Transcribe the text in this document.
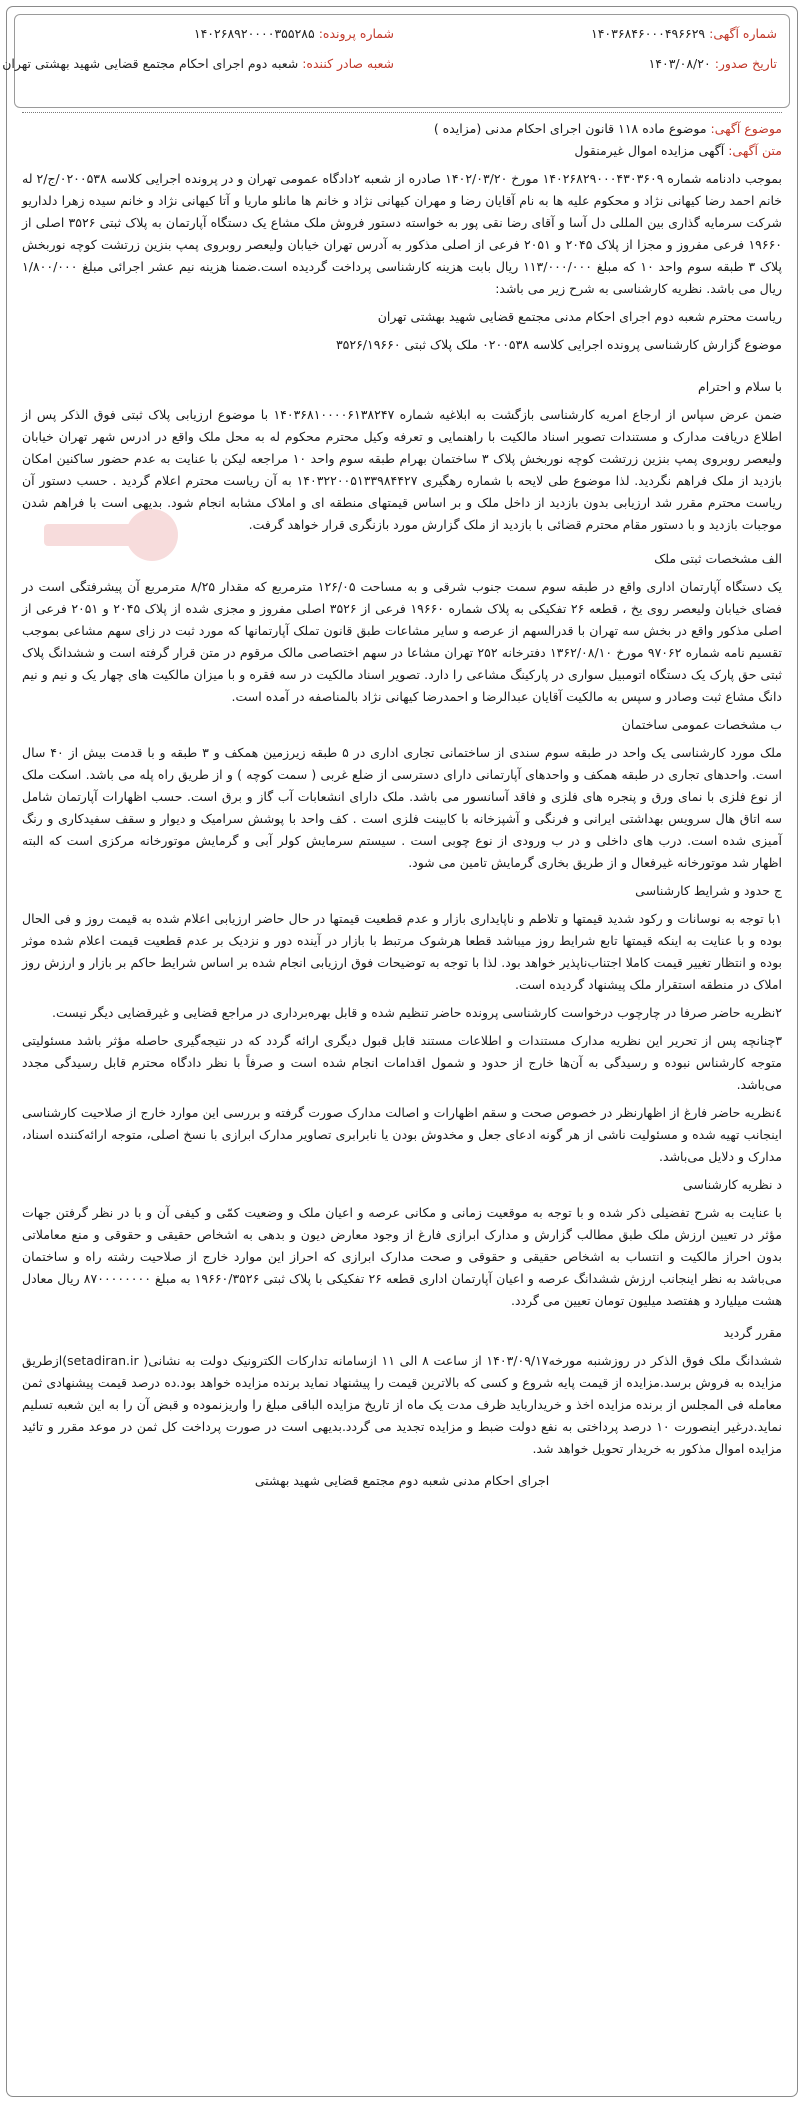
شماره آگهی: ۱۴۰۳۶۸۴۶۰۰۰۴۹۶۶۲۹
تاریخ صدور: ۱۴۰۳/۰۸/۲۰
شماره پرونده: ۱۴۰۲۶۸۹۲۰۰۰۰۳۵۵۲۸۵
شعبه صادر کننده: شعبه دوم اجرای احکام مجتمع قضایی شهید بهشتی تهران

موضوع آگهی: موضوع ماده ۱۱۸ قانون اجرای احکام مدنی (مزایده )

متن آگهی: آگهی مزایده اموال غیرمنقول

بموجب دادنامه شماره ۱۴۰۲۶۸۲۹۰۰۰۴۳۰۳۶۰۹ مورخ ۱۴۰۲/۰۳/۲۰ صادره از شعبه ۲دادگاه عمومی تهران و در پرونده اجرایی کلاسه ۰۲۰۰۵۳۸/ج/۲ له خانم احمد رضا کیهانی نژاد و محکوم علیه ها به نام آقایان رضا و مهران کیهانی نژاد و خانم ها مانلو ماریا و آتا کیهانی نژاد و خانم سیده زهرا دلداریو شرکت سرمایه گذاری بین المللی دل آسا و آقای رضا نقی پور به خواسته دستور فروش ملک مشاع یک دستگاه آپارتمان به پلاک ثبتی ۳۵۲۶ اصلی از ۱۹۶۶۰ فرعی مفروز و مجزا از پلاک ۲۰۴۵ و ۲۰۵۱ فرعی از اصلی مذکور به آدرس تهران خیابان ولیعصر روبروی پمپ بنزین زرتشت کوچه نوربخش پلاک ۳ طبقه سوم واحد ۱۰ که مبلغ ۱۱۳/۰۰۰/۰۰۰ ریال بابت هزینه کارشناسی پرداخت گردیده است.ضمنا هزینه نیم عشر اجرائی مبلغ ۱/۸۰۰/۰۰۰ ریال می باشد. نظریه کارشناسی به شرح زیر می باشد:

ریاست محترم شعبه دوم اجرای احکام مدنی مجتمع قضایی شهید بهشتی تهران

موضوع گزارش کارشناسی پرونده اجرایی کلاسه ۰۲۰۰۵۳۸ ملک پلاک ثبتی ۳۵۲۶/۱۹۶۶۰

با سلام و احترام

ضمن عرض سپاس از ارجاع امریه کارشناسی بازگشت به ابلاغیه شماره ۱۴۰۳۶۸۱۰۰۰۰۶۱۳۸۲۴۷ با موضوع ارزیابی پلاک ثبتی فوق الذکر پس از اطلاع دریافت مدارک و مستندات تصویر اسناد مالکیت با راهنمایی و تعرفه وکیل محترم محکوم له به محل ملک واقع در ادرس شهر تهران خیابان ولیعصر روبروی پمپ بنزین زرتشت کوچه نوربخش پلاک ۳ ساختمان بهرام طبقه سوم واحد ۱۰ مراجعه لیکن با عنایت به عدم حضور ساکنین امکان بازدید از ملک فراهم نگردید. لذا موضوع طی لایحه با شماره رهگیری ۱۴۰۳۲۲۰۰۵۱۳۳۹۸۴۴۲۷ به آن ریاست محترم اعلام گردید . حسب دستور آن ریاست محترم مقرر شد ارزیابی بدون بازدید از داخل ملک و بر اساس قیمتهای منطقه ای و املاک مشابه انجام شود. بدیهی است با فراهم شدن موجبات بازدید و با دستور مقام محترم قضائی با بازدید از ملک گزارش مورد بازنگری قرار خواهد گرفت.

الف مشخصات ثبتی ملک

یک دستگاه آپارتمان اداری واقع در طبقه سوم سمت جنوب شرقی و به مساحت ۱۲۶/۰۵ مترمربع که مقدار ۸/۲۵ مترمربع آن پیشرفتگی است در فضای خیابان ولیعصر روی یخ ، قطعه ۲۶ تفکیکی به پلاک شماره ۱۹۶۶۰ فرعی از ۳۵۲۶ اصلی مفروز و مجزی شده از پلاک ۲۰۴۵ و ۲۰۵۱ فرعی از اصلی مذکور واقع در بخش سه تهران با قدرالسهم از عرصه و سایر مشاعات طبق قانون تملک آپارتمانها که مورد ثبت در زای سهم مشاعی بموجب تقسیم نامه شماره ۹۷۰۶۲ مورخ ۱۳۶۲/۰۸/۱۰ دفترخانه ۲۵۲ تهران مشاعا در سهم اختصاصی مالک مرقوم در متن قرار گرفته است و ششدانگ پلاک ثبتی حق پارک یک دستگاه اتومبیل سواری در پارکینگ مشاعی را دارد. تصویر اسناد مالکیت در سه فقره و با میزان مالکیت های چهار یک و نیم و نیم دانگ مشاع ثبت وصادر و سپس به مالکیت آقایان عبدالرضا و احمدرضا کیهانی نژاد بالمناصفه در آمده است.

ب مشخصات عمومی ساختمان

ملک مورد کارشناسی یک واحد در طبقه سوم سندی از ساختمانی تجاری اداری در ۵ طبقه زیرزمین همکف و ۳ طبقه و با قدمت بیش از ۴۰ سال است. واحدهای تجاری در طبقه همکف و واحدهای آپارتمانی دارای دسترسی از ضلع غربی ( سمت کوچه ) و از طریق راه پله می باشد. اسکت ملک از نوع فلزی با نمای ورق و پنجره های فلزی و فاقد آسانسور می باشد. ملک دارای انشعابات آب گاز و برق است. حسب اظهارات آپارتمان شامل سه اتاق هال سرویس بهداشتی ایرانی و فرنگی و آشپزخانه با کابینت فلزی است . کف واحد با پوشش سرامیک و دیوار و سقف سفیدکاری و رنگ آمیزی شده است. درب های داخلی و در ب ورودی از نوع چوبی است . سیستم سرمایش کولر آبی و گرمایش موتورخانه مرکزی است که البته اظهار شد موتورخانه غیرفعال و از طریق بخاری گرمایش تامین می شود.

ج حدود و شرایط کارشناسی

۱با توجه به نوسانات و رکود شدید قیمتها و تلاطم و ناپایداری بازار و عدم قطعیت قیمتها در حال حاضر ارزیابی اعلام شده به قیمت روز و فی الحال بوده و با عنایت به اینکه قیمتها تابع شرایط روز میباشد قطعا هرشوک مرتبط با بازار در آینده دور و نزدیک بر عدم قطعیت قیمت اعلام شده موثر بوده و انتظار تغییر قیمت کاملا اجتناب‌ناپذیر خواهد بود. لذا با توجه به توضیحات فوق ارزیابی انجام شده بر اساس شرایط حاکم بر بازار و ارزش روز املاک در منطقه استقرار ملک پیشنهاد گردیده است.

۲نظریه حاضر صرفا در چارچوب درخواست کارشناسی پرونده حاضر تنظیم شده و قابل بهره‌برداری در مراجع قضایی و غیرقضایی دیگر نیست.

۳چنانچه پس از تحریر این نظریه مدارک مستندات و اطلاعات مستند قابل قبول دیگری ارائه گردد که در نتیجه‌گیری حاصله مؤثر باشد مسئولیتی متوجه کارشناس نبوده و رسیدگی به آن‌ها خارج از حدود و شمول اقدامات انجام شده است و صرفاً با نظر دادگاه محترم قابل رسیدگی مجدد می‌باشد.

٤نظریه حاضر فارغ از اظهارنظر در خصوص صحت و سقم اظهارات و اصالت مدارک صورت گرفته و بررسی این موارد خارج از صلاحیت کارشناسی اینجانب تهیه شده و مسئولیت ناشی از هر گونه ادعای جعل و مخدوش بودن یا نابرابری تصاویر مدارک ابرازی با نسخ اصلی، متوجه ارائه‌کننده اسناد، مدارک و دلایل می‌باشد.

د نظریه کارشناسی

با عنایت به شرح تفضیلی ذکر شده و با توجه به موقعیت زمانی و مکانی عرصه و اعیان ملک و وضعیت کمّی و کیفی آن و با در نظر گرفتن جهات مؤثر در تعیین ارزش ملک طبق مطالب گزارش و مدارک ابرازی فارغ از وجود معارض دیون و بدهی به اشخاص حقیقی و حقوقی و منع معاملاتی بدون احراز مالکیت و انتساب به اشخاص حقیقی و حقوقی و صحت مدارک ابرازی که احراز این موارد خارج از صلاحیت رشته راه و ساختمان می‌باشد به نظر اینجانب ارزش ششدانگ عرصه و اعیان آپارتمان اداری قطعه ۲۶ تفکیکی با پلاک ثبتی ۱۹۶۶۰/۳۵۲۶ به مبلغ ۸۷۰۰۰۰۰۰۰۰ ریال معادل هشت میلیارد و هفتصد میلیون تومان تعیین می گردد.

مقرر گردید

ششدانگ ملک فوق الذکر در روزشنبه مورخه۱۴۰۳/۰۹/۱۷ از ساعت ۸ الی ۱۱ ازسامانه تدارکات الکترونیک دولت به نشانی( setadiran.ir)ازطریق مزایده به فروش برسد.مزایده از قیمت پایه شروع و کسی که بالاترین قیمت را پیشنهاد نماید برنده مزایده خواهد بود.ده درصد قیمت پیشنهادی ثمن معامله فی المجلس از برنده مزایده اخذ و خریدارباید ظرف مدت یک ماه از تاریخ مزایده الباقی مبلغ را واریزنموده و قبض آن را به این شعبه تسلیم نماید.درغیر اینصورت ۱۰ درصد پرداختی به نفع دولت ضبط و مزایده تجدید می گردد.بدیهی است در صورت پرداخت کل ثمن در موعد مقرر و تائید مزایده اموال مذکور به خریدار تحویل خواهد شد.

اجرای احکام مدنی شعبه دوم مجتمع قضایی شهید بهشتی
